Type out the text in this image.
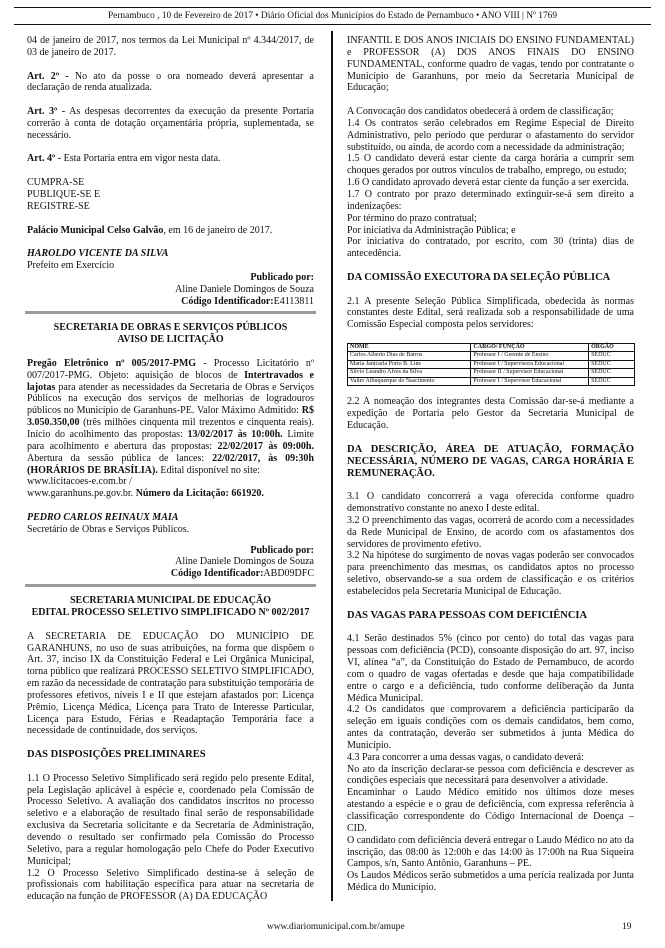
Pernambuco , 10 de Fevereiro de 2017 • Diário Oficial dos Municípios do Estado de Pernambuco • ANO VIII | Nº 1769

04 de janeiro de 2017, nos termos da Lei Municipal nº 4.344/2017, de 03 de janeiro de 2017.

Art. 2º - No ato da posse o ora nomeado deverá apresentar a declaração de renda atualizada.

Art. 3º - As despesas decorrentes da execução da presente Portaria correrão à conta de dotação orçamentária própria, suplementada, se necessário.

Art. 4º - Esta Portaria entra em vigor nesta data.

CUMPRA-SE
PUBLIQUE-SE E
REGISTRE-SE

Palácio Municipal Celso Galvão, em 16 de janeiro de 2017.

HAROLDO VICENTE DA SILVA
Prefeito em Exercício
Publicado por:
Aline Daniele Domingos de Souza
Código Identificador:E4113811
SECRETARIA DE OBRAS E SERVIÇOS PÚBLICOS
AVISO DE LICITAÇÃO

Pregão Eletrônico nº 005/2017-PMG - Processo Licitatório nº 007/2017-PMG. Objeto: aquisição de blocos de Intertravados e lajotas para atender as necessidades da Secretaria de Obras e Serviços Públicos na execução dos serviços de melhorias de logradouros públicos no Município de Garanhuns-PE. Valor Máximo Admitido: R$ 3.050.350,00 (três milhões cinquenta mil trezentos e cinquenta reais). Início do acolhimento das propostas: 13/02/2017 às 10:00h. Limite para acolhimento e abertura das propostas: 22/02/2017 às 09:00h. Abertura da sessão pública de lances: 22/02/2017, às 09:30h (HORÁRIOS DE BRASÍLIA). Edital disponível no site:

www.licitacoes-e.com.br /

www.garanhuns.pe.gov.br. Número da Licitação: 661920.

PEDRO CARLOS REINAUX MAIA
Secretário de Obras e Serviços Públicos.
Publicado por:
Aline Daniele Domingos de Souza
Código Identificador:ABD09DFC
SECRETARIA MUNICIPAL DE EDUCAÇÃO
EDITAL PROCESSO SELETIVO SIMPLIFICADO Nº 002/2017

A SECRETARIA DE EDUCAÇÃO DO MUNICÍPIO DE GARANHUNS, no uso de suas atribuições, na forma que dispõem o Art. 37, inciso IX da Constituição Federal e Lei Orgânica Municipal, torna público que realizará PROCESSO SELETIVO SIMPLIFICADO, em razão da necessidade de contratação para substituição temporária de professores efetivos, níveis I e II que estejam afastados por: Licença Prêmio, Licença Médica, Licença para Trato de Interesse Particular, Licença para Estudo, Férias e Readaptação Temporária face a necessidade de continuidade, dos serviços.

DAS DISPOSIÇÕES PRELIMINARES

1.1 O Processo Seletivo Simplificado será regido pelo presente Edital, pela Legislação aplicável à espécie e, coordenado pela Comissão de Processo Seletivo. A avaliação dos candidatos inscritos no processo seletivo e a elaboração de resultado final serão de responsabilidade exclusiva da Secretaria solicitante e da Secretaria de Administração, devendo o resultado ser confirmado pela Comissão do Processo Seletivo, para a regular homologação pelo Chefe do Poder Executivo Municipal;

1.2 O Processo Seletivo Simplificado destina-se à seleção de profissionais com habilitação específica para atuar na secretaria de educação na função de PROFESSOR (A) DA EDUCAÇÃO

INFANTIL E DOS ANOS INICIAIS DO ENSINO FUNDAMENTAL) e PROFESSOR (A) DOS ANOS FINAIS DO ENSINO FUNDAMENTAL, conforme quadro de vagas, tendo por contratante o Município de Garanhuns, por meio da Secretaria Municipal de Educação;

A Convocação dos candidatos obedecerá à ordem de classificação;
1.4 Os contratos serão celebrados em Regime Especial de Direito Administrativo, pelo período que perdurar o afastamento do servidor substituído, ou ainda, de acordo com a necessidade da administração;
1.5 O candidato deverá estar ciente da carga horária a cumprir sem choques gerados por outros vínculos de trabalho, emprego, ou estudo;
1.6 O candidato aprovado deverá estar ciente da função a ser exercida.
1.7 O contrato por prazo determinado extinguir-se-á sem direito a indenizações:
Por término do prazo contratual;
Por iniciativa da Administração Pública; e
Por iniciativa do contratado, por escrito, com 30 (trinta) dias de antecedência.
DA COMISSÃO EXECUTORA DA SELEÇÃO PÚBLICA

2.1 A presente Seleção Pública Simplificada, obedecida às normas constantes deste Edital, será realizada sob a responsabilidade de uma Comissão Especial composta pelos servidores:

NOME	CARGO/ FUNÇÃO	ÓRGÃO
Carlos Alberto Dias de Barros	Professor I / Gerente de Ensino	SEDUC
Maria Janicarla Porto B. Lins	Professor I / Supervisora Educacional	SEDUC
Silvio Leandro Alves da Silva	Professor II / Supervisor Educacional	SEDUC
Valter Albuquerque do Nascimento	Professor I / Supervisor Educacional	SEDUC

2.2 A nomeação dos integrantes desta Comissão dar-se-á mediante a expedição de Portaria pelo Gestor da Secretaria Municipal de Educação.

DA DESCRIÇÃO, ÁREA DE ATUAÇÃO, FORMAÇÃO NECESSÁRIA, NÚMERO DE VAGAS, CARGA HORÁRIA E REMUNERAÇÃO.
3.1 O candidato concorrerá a vaga oferecida conforme quadro demonstrativo constante no anexo I deste edital.
3.2 O preenchimento das vagas, ocorrerá de acordo com a necessidades da Rede Municipal de Ensino, de acordo com os afastamentos dos servidores de provimento efetivo.
3.2 Na hipótese do surgimento de novas vagas poderão ser convocados para preenchimento das mesmas, os candidatos aptos no processo seletivo, observando-se a sua ordem de classificação e os critérios estabelecidos pela Secretaria Municipal de Educação.
DAS VAGAS PARA PESSOAS COM DEFICIÊNCIA
4.1 Serão destinados 5% (cinco por cento) do total das vagas para pessoas com deficiência (PCD), consoante disposição do art. 97, inciso VI, alínea “a”, da Constituição do Estado de Pernambuco, de acordo com o quadro de vagas ofertadas e desde que haja compatibilidade entre o cargo e a deficiência, tudo conforme deliberação da Junta Médica Municipal.
4.2 Os candidatos que comprovarem a deficiência participarão da seleção em iguais condições com os demais candidatos, bem como, antes da contratação, deverão ser submetidos à junta Médica do Município.
4.3 Para concorrer a uma dessas vagas, o candidato deverá:
No ato da inscrição declarar-se pessoa com deficiência e descrever as condições especiais que necessitará para desenvolver a atividade.
Encaminhar o Laudo Médico emitido nos últimos doze meses atestando a espécie e o grau de deficiência, com expressa referência à classificação correspondente do Código Internacional de Doença – CID.
O candidato com deficiência deverá entregar o Laudo Médico no ato da inscrição, das 08:00 às 12:00h e das 14:00 às 17:00h na Rua Siqueira Campos, s/n, Santo Antônio, Garanhuns – PE.
Os Laudos Médicos serão submetidos a uma perícia realizada por Junta Médica do Município.
www.diariomunicipal.com.br/amupe	19
